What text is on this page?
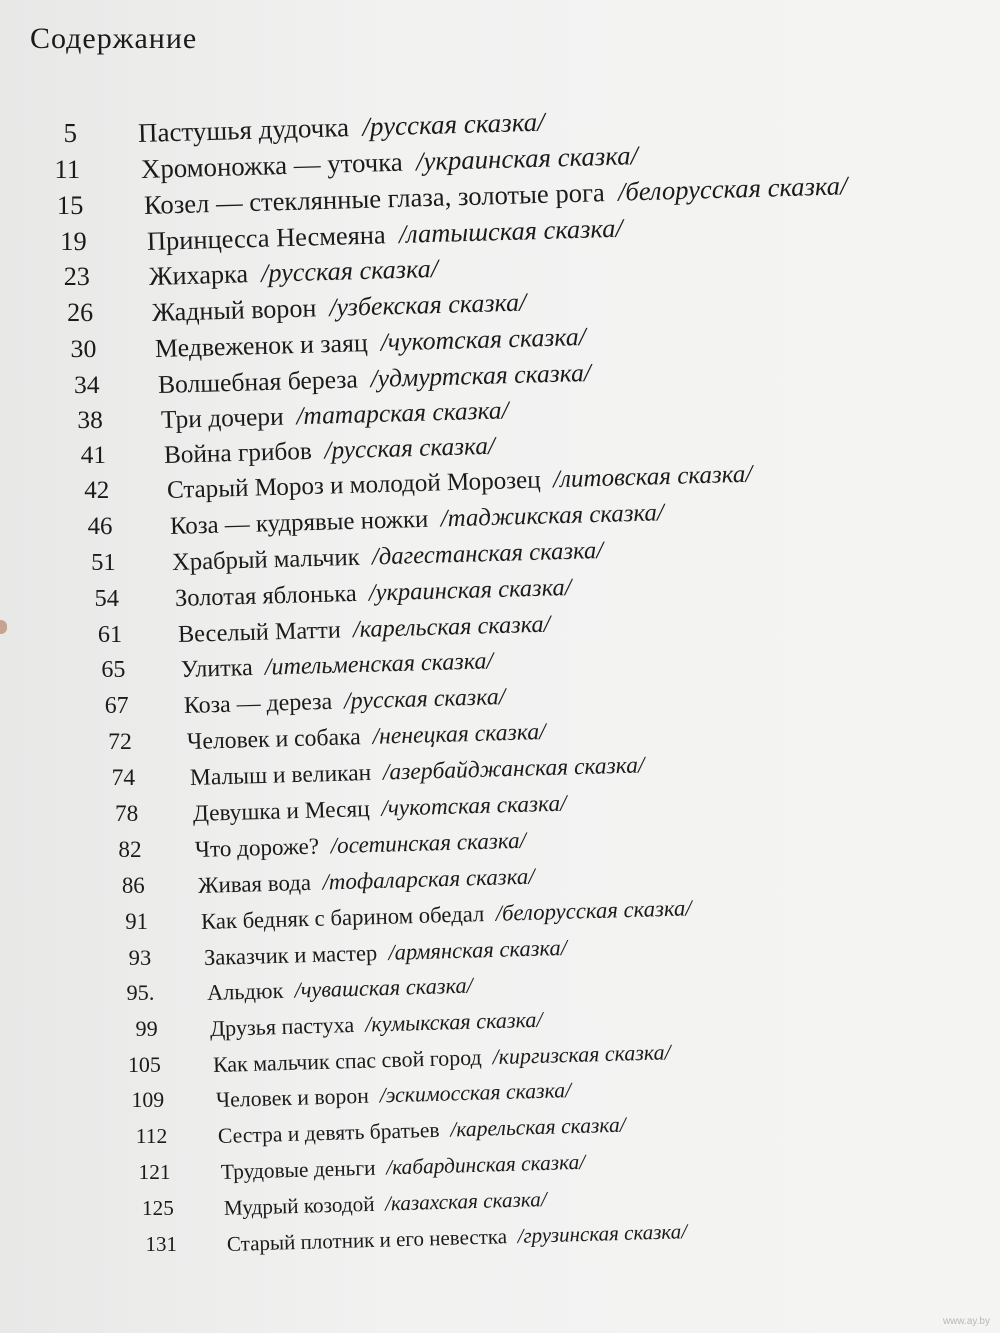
Содержание
5 Пастушья дудочка  /русская сказка/
11 Хромоножка — уточка  /украинская сказка/
15 Козел — стеклянные глаза, золотые рога  /белорусская сказка/
19 Принцесса Несмеяна  /латышская сказка/
23 Жихарка  /русская сказка/
26 Жадный ворон  /узбекская сказка/
30 Медвеженок и заяц  /чукотская сказка/
34 Волшебная береза  /удмуртская сказка/
38 Три дочери  /татарская сказка/
41 Война грибов  /русская сказка/
42 Старый Мороз и молодой Морозец  /литовская сказка/
46 Коза — кудрявые ножки  /таджикская сказка/
51 Храбрый мальчик  /дагестанская сказка/
54 Золотая яблонька  /украинская сказка/
61 Веселый Матти  /карельская сказка/
65 Улитка  /ительменская сказка/
67 Коза — дереза  /русская сказка/
72 Человек и собака  /ненецкая сказка/
74 Малыш и великан  /азербайджанская сказка/
78 Девушка и Месяц  /чукотская сказка/
82 Что дороже?  /осетинская сказка/
86 Живая вода  /тофаларская сказка/
91 Как бедняк с барином обедал  /белорусская сказка/
93 Заказчик и мастер  /армянская сказка/
95. Альдюк  /чувашская сказка/
99 Друзья пастуха  /кумыкская сказка/
105 Как мальчик спас свой город  /киргизская сказка/
109 Человек и ворон  /эскимосская сказка/
112 Сестра и девять братьев  /карельская сказка/
121 Трудовые деньги  /кабардинская сказка/
125 Мудрый козодой  /казахская сказка/
131 Старый плотник и его невестка  /грузинская сказка/
www.ay.by
